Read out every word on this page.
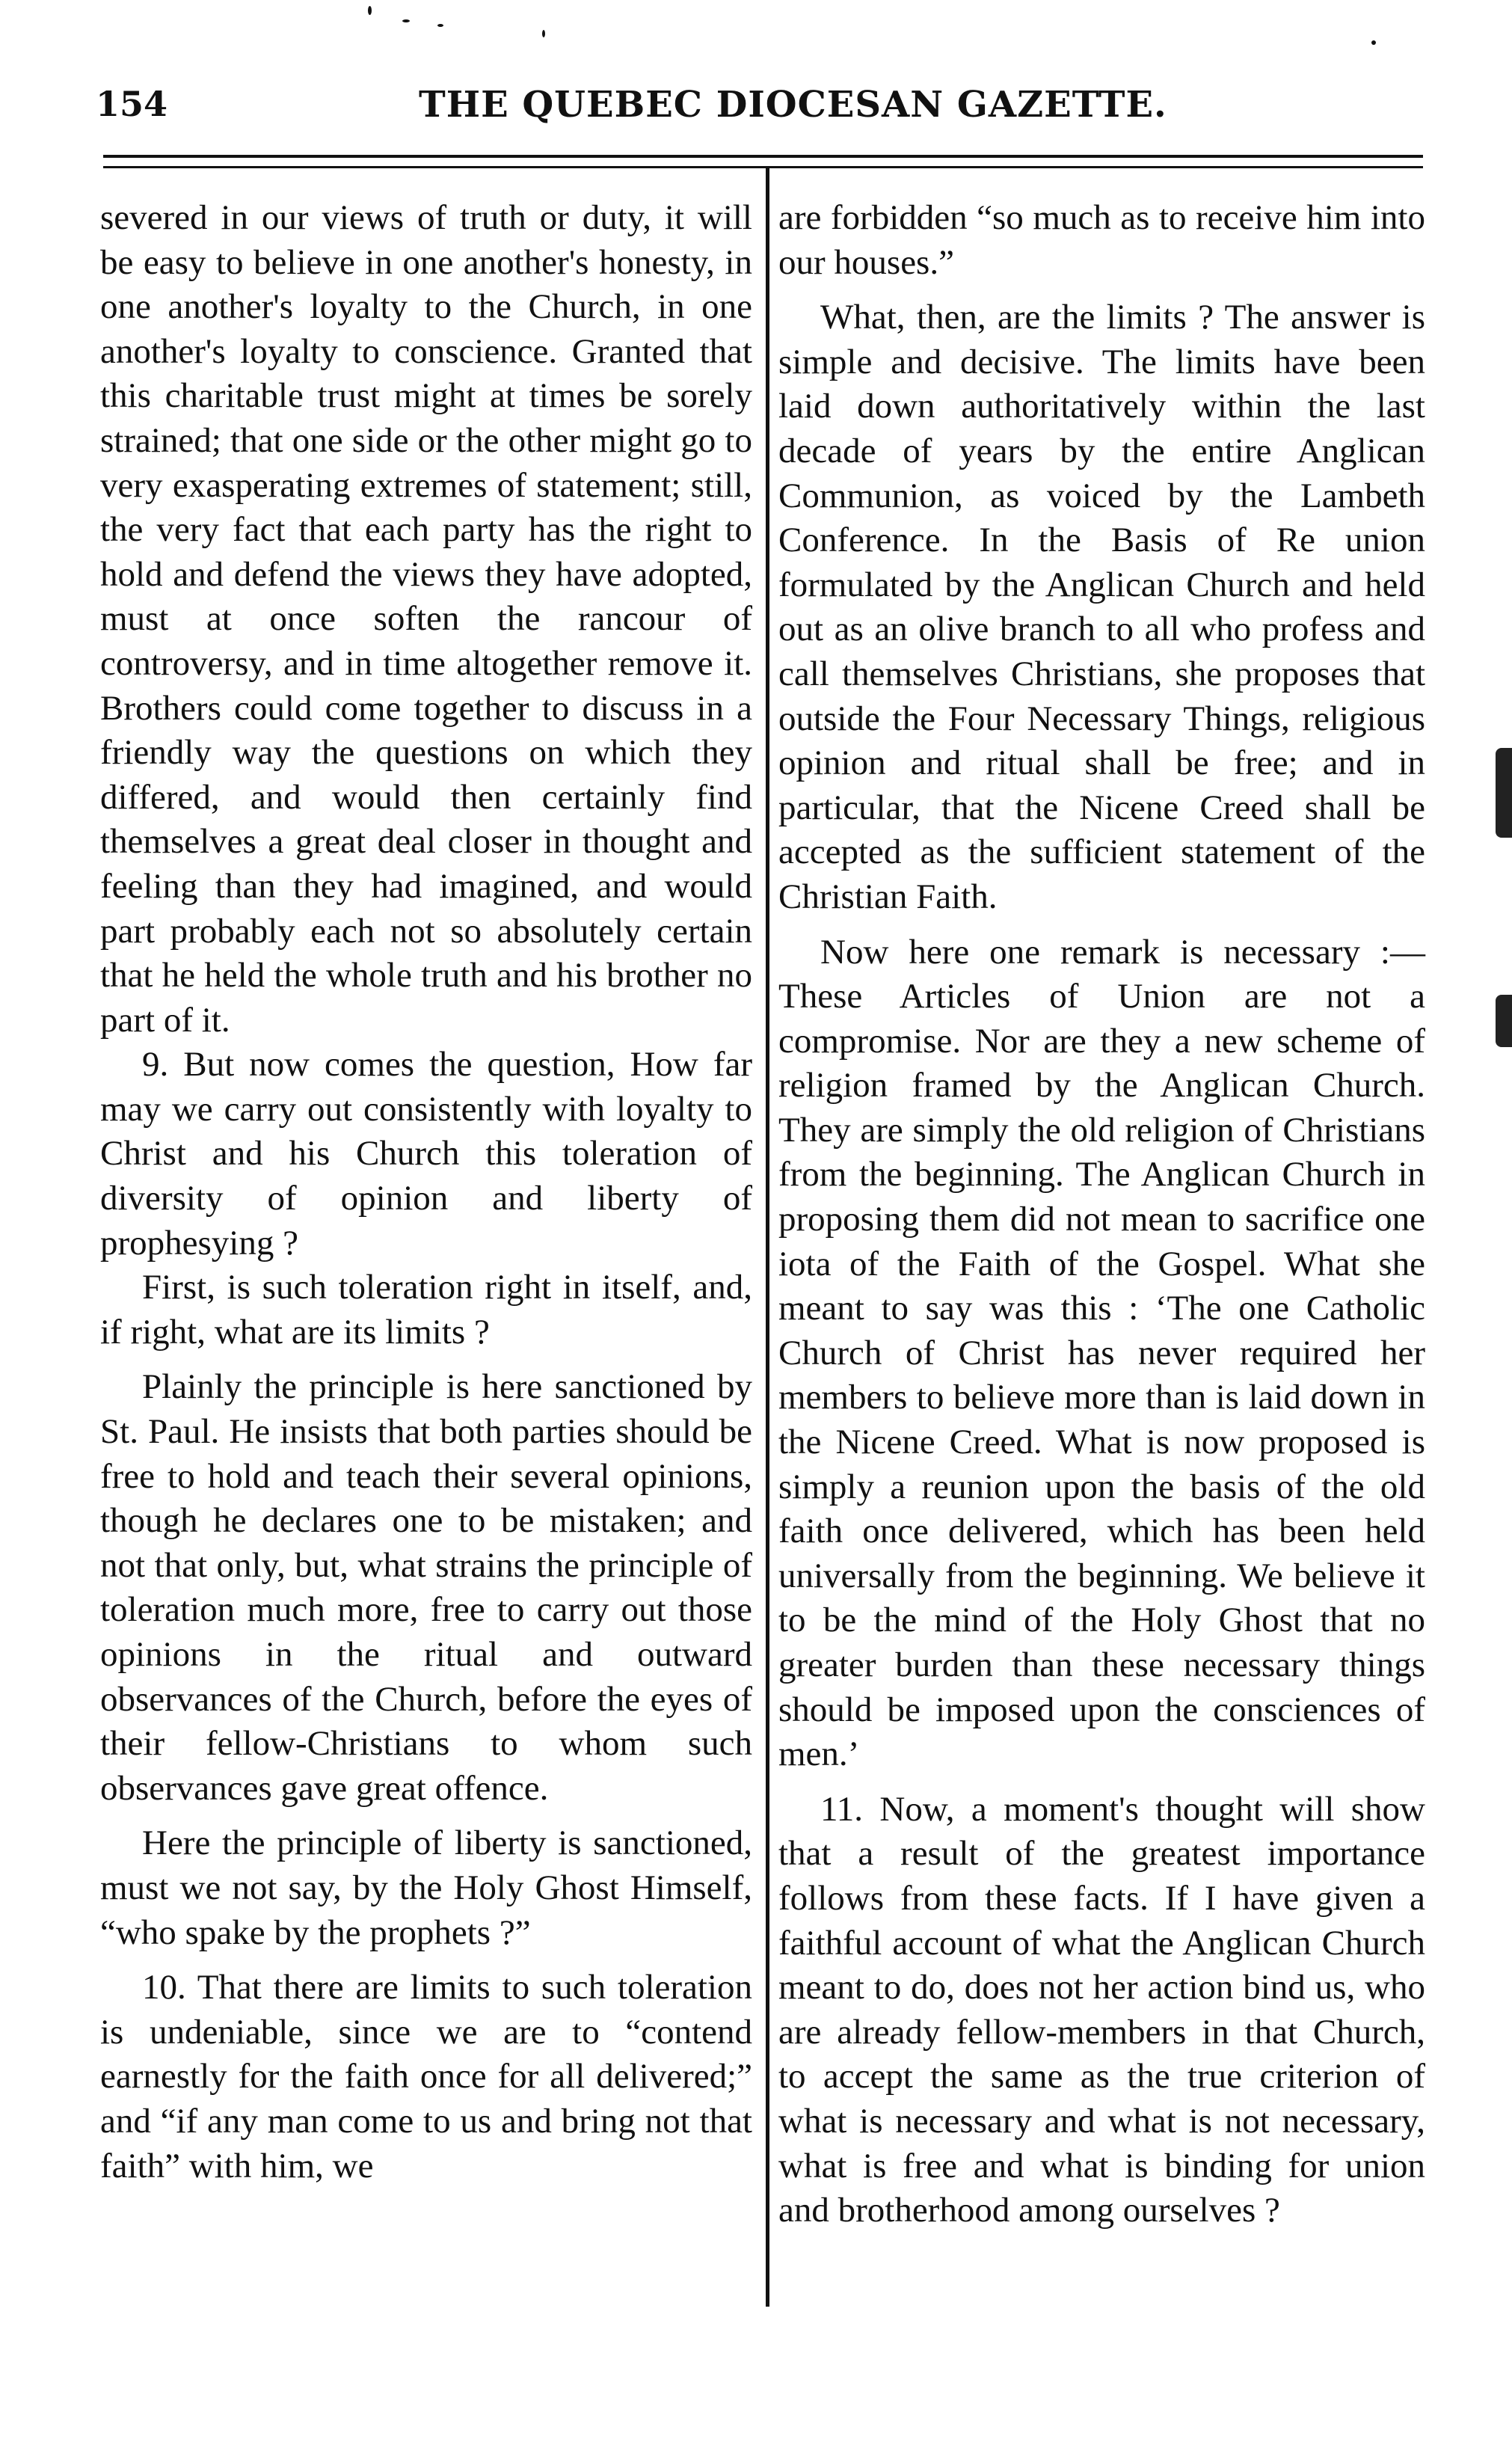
154	THE QUEBEC DIOCESAN GAZETTE.

severed in our views of truth or duty, it will be easy to believe in one another's honesty, in one another's loyalty to the Church, in one another's loyalty to conscience. Granted that this charitable trust might at times be sorely strained; that one side or the other might go to very exasperating extremes of statement; still, the very fact that each party has the right to hold and defend the views they have adopted, must at once soften the rancour of controversy, and in time altogether remove it. Brothers could come together to discuss in a friendly way the questions on which they differed, and would then certainly find themselves a great deal closer in thought and feeling than they had imagined, and would part probably each not so absolutely certain that he held the whole truth and his brother no part of it.

9. But now comes the question, How far may we carry out consistently with loyalty to Christ and his Church this toleration of diversity of opinion and liberty of prophesying ?

First, is such toleration right in itself, and, if right, what are its limits ?

Plainly the principle is here sanctioned by St. Paul. He insists that both parties should be free to hold and teach their several opinions, though he declares one to be mistaken; and not that only, but, what strains the principle of toleration much more, free to carry out those opinions in the ritual and outward observances of the Church, before the eyes of their fellow-Christians to whom such observances gave great offence.

Here the principle of liberty is sanctioned, must we not say, by the Holy Ghost Himself, “who spake by the prophets ?”

10. That there are limits to such toleration is undeniable, since we are to “contend earnestly for the faith once for all delivered;” and “if any man come to us and bring not that faith” with him, we

are forbidden “so much as to receive him into our houses.”

What, then, are the limits ? The answer is simple and decisive. The limits have been laid down authoritatively within the last decade of years by the entire Anglican Communion, as voiced by the Lambeth Conference. In the Basis of Re union formulated by the Anglican Church and held out as an olive branch to all who profess and call themselves Christians, she proposes that outside the Four Necessary Things, religious opinion and ritual shall be free; and in particular, that the Nicene Creed shall be accepted as the sufficient statement of the Christian Faith.

Now here one remark is necessary :— These Articles of Union are not a compromise. Nor are they a new scheme of religion framed by the Anglican Church. They are simply the old religion of Christians from the beginning. The Anglican Church in proposing them did not mean to sacrifice one iota of the Faith of the Gospel. What she meant to say was this : ‘The one Catholic Church of Christ has never required her members to believe more than is laid down in the Nicene Creed. What is now proposed is simply a reunion upon the basis of the old faith once delivered, which has been held universally from the beginning. We believe it to be the mind of the Holy Ghost that no greater burden than these necessary things should be imposed upon the consciences of men.’

11. Now, a moment's thought will show that a result of the greatest importance follows from these facts. If I have given a faithful account of what the Anglican Church meant to do, does not her action bind us, who are already fellow-members in that Church, to accept the same as the true criterion of what is necessary and what is not necessary, what is free and what is binding for union and brotherhood among ourselves ?
